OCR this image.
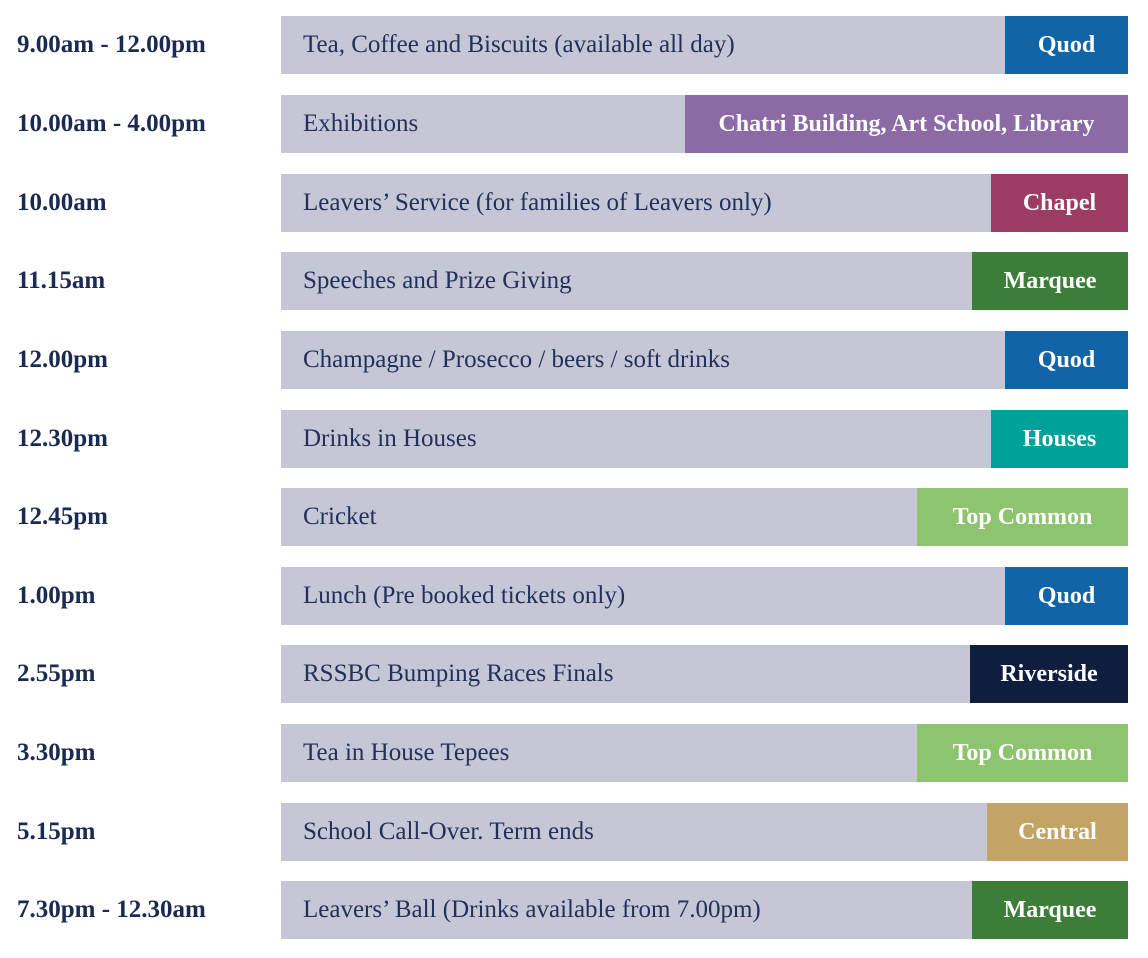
9.00am - 12.00pm	Tea, Coffee and Biscuits (available all day)	Quod
10.00am - 4.00pm	Exhibitions	Chatri Building, Art School, Library
10.00am	Leavers’ Service (for families of Leavers only)	Chapel
11.15am	Speeches and Prize Giving	Marquee
12.00pm	Champagne / Prosecco / beers / soft drinks	Quod
12.30pm	Drinks in Houses	Houses
12.45pm	Cricket	Top Common
1.00pm	Lunch (Pre booked tickets only)	Quod
2.55pm	RSSBC Bumping Races Finals	Riverside
3.30pm	Tea in House Tepees	Top Common
5.15pm	School Call-Over. Term ends	Central
7.30pm - 12.30am	Leavers’ Ball (Drinks available from 7.00pm)	Marquee
